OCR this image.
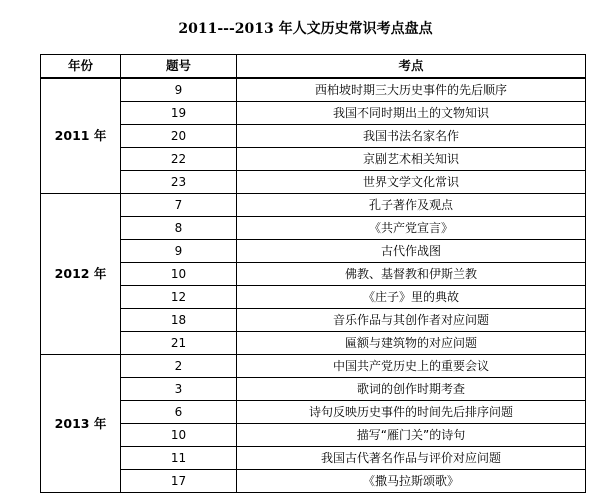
2011---2013 年人文历史常识考点盘点
年份	题号	考点
2011 年	9	西柏坡时期三大历史事件的先后顺序
	19	我国不同时期出土的文物知识
	20	我国书法名家名作
	22	京剧艺术相关知识
	23	世界文学文化常识
2012 年	7	孔子著作及观点
	8	《共产党宣言》
	9	古代作战图
	10	佛教、基督教和伊斯兰教
	12	《庄子》里的典故
	18	音乐作品与其创作者对应问题
	21	匾额与建筑物的对应问题
2013 年	2	中国共产党历史上的重要会议
	3	歌词的创作时期考查
	6	诗句反映历史事件的时间先后排序问题
	10	描写“雁门关”的诗句
	11	我国古代著名作品与评价对应问题
	17	《撒马拉斯颂歌》
